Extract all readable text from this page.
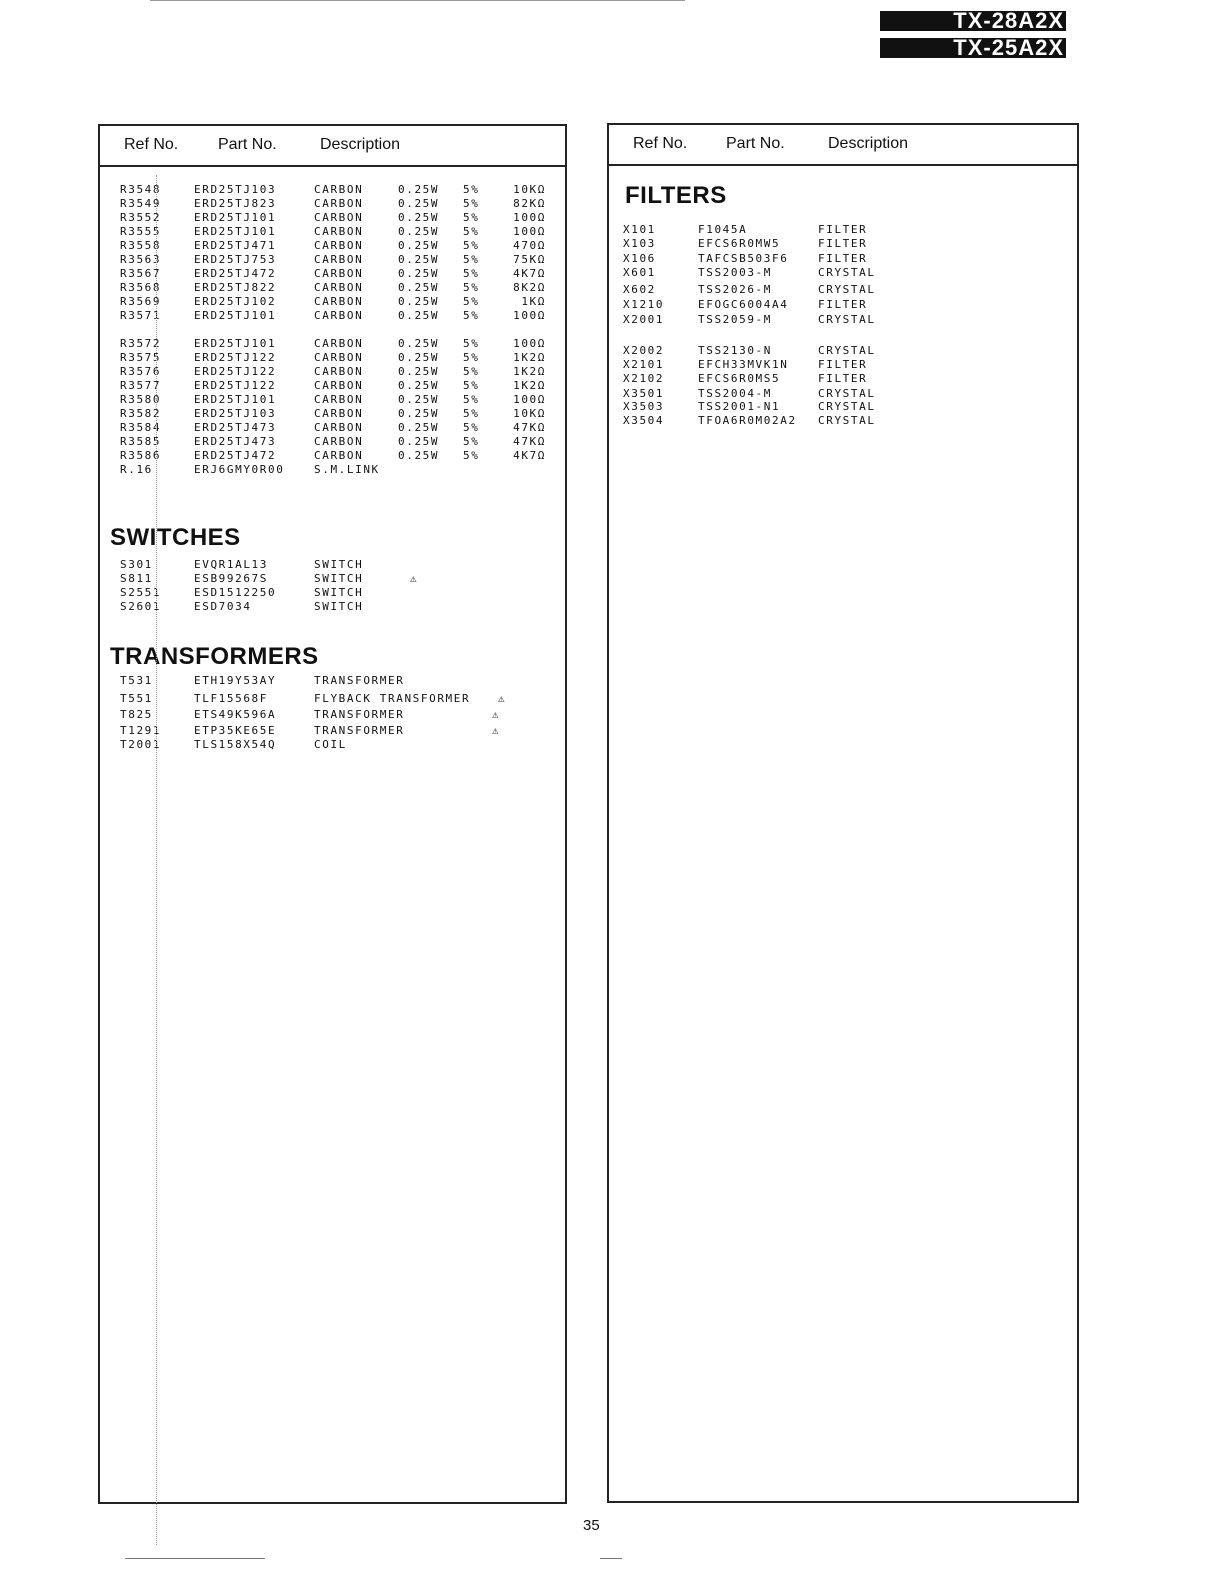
TX-28A2X
TX-25A2X
Ref No. Part No.	Description
R3548	ERD25TJ103	CARBON	0.25W 5%	10KΩ
R3549	ERD25TJ823	CARBON	0.25W 5%	82KΩ
R3552	ERD25TJ101	CARBON	0.25W 5%	100Ω
R3555	ERD25TJ101	CARBON	0.25W 5%	100Ω
R3558	ERD25TJ471	CARBON	0.25W 5%	470Ω
R3563	ERD25TJ753	CARBON	0.25W 5%	75KΩ
R3567	ERD25TJ472	CARBON	0.25W 5%	4K7Ω
R3568	ERD25TJ822	CARBON	0.25W 5%	8K2Ω
R3569	ERD25TJ102	CARBON	0.25W 5%	1KΩ
R3571	ERD25TJ101	CARBON	0.25W 5%	100Ω
R3572	ERD25TJ101	CARBON	0.25W 5%	100Ω
R3575	ERD25TJ122	CARBON	0.25W 5%	1K2Ω
R3576	ERD25TJ122	CARBON	0.25W 5%	1K2Ω
R3577	ERD25TJ122	CARBON	0.25W 5%	1K2Ω
R3580	ERD25TJ101	CARBON	0.25W 5%	100Ω
R3582	ERD25TJ103	CARBON	0.25W 5%	10KΩ
R3584	ERD25TJ473	CARBON	0.25W 5%	47KΩ
R3585	ERD25TJ473	CARBON	0.25W 5%	47KΩ
R3586	ERD25TJ472	CARBON	0.25W 5%	4K7Ω
R.16	ERJ6GMY0R00	S.M.LINK
SWITCHES
S301	EVQR1AL13	SWITCH
S811	ESB99267S	SWITCH	⚠
S2551	ESD1512250	SWITCH
S2601	ESD7034	SWITCH
TRANSFORMERS
T531	ETH19Y53AY	TRANSFORMER
T551	TLF15568F	FLYBACK TRANSFORMER	⚠
T825	ETS49K596A	TRANSFORMER	⚠
T1291	ETP35KE65E	TRANSFORMER	⚠
T2001	TLS158X54Q	COIL
Ref No. Part No.	Description
FILTERS
X101	F1045A	FILTER
X103	EFCS6R0MW5	FILTER
X106	TAFCSB503F6	FILTER
X601	TSS2003-M	CRYSTAL
X602	TSS2026-M	CRYSTAL
X1210	EFOGC6004A4	FILTER
X2001	TSS2059-M	CRYSTAL
X2002	TSS2130-N	CRYSTAL
X2101	EFCH33MVK1N	FILTER
X2102	EFCS6R0MS5	FILTER
X3501	TSS2004-M	CRYSTAL
X3503	TSS2001-N1	CRYSTAL
X3504	TFOA6R0M02A2 CRYSTAL
35
